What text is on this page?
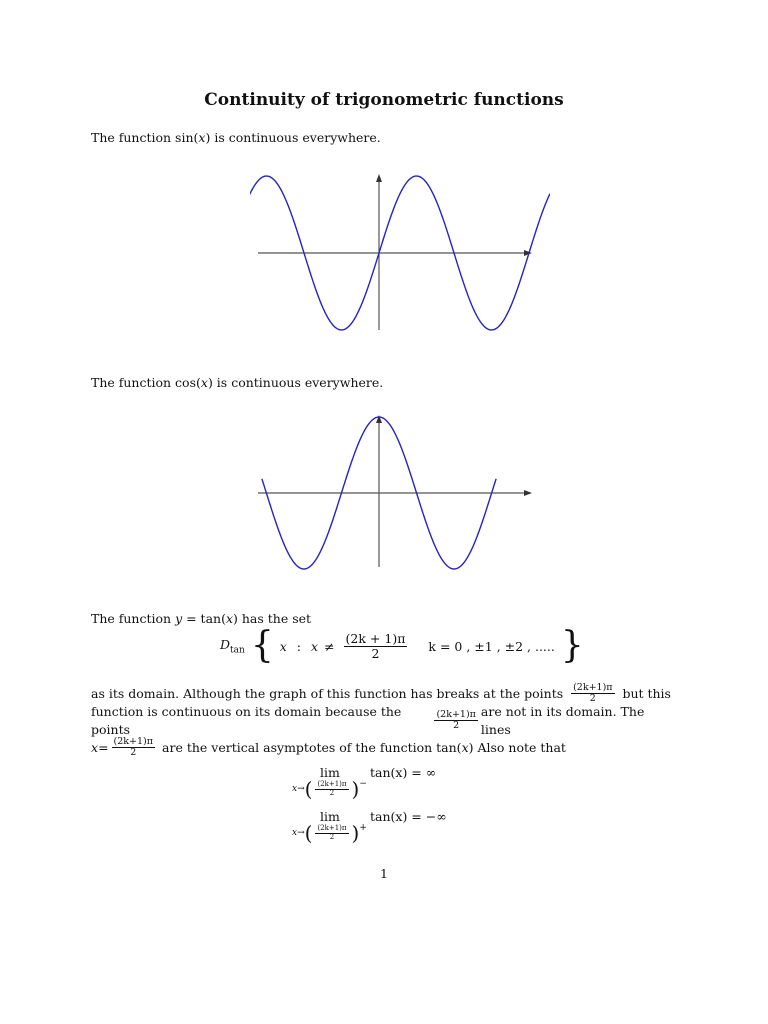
Continuity of trigonometric functions
The function sin(x) is continuous everywhere.
The function cos(x) is continuous everywhere.
The function y = tan(x) has the set
$D_{tan}$ { x : $x \ne \frac{(2k + 1)\pi}{2}$ k = 0 , ±1 , ±2 , ..... }
as its domain. Although the graph of this function has breaks at the points $\frac{(2k+1)\pi}{2}$ but this
function is continuous on its domain because the points	$\frac{(2k+1)\pi}{2}$ are not in its domain. The lines
$x = \frac{(2k+1)\pi}{2}$ are the vertical asymptotes of the function tan( x ) Also note that
lim tan(x) = ∞
x → ( $\frac{(2k+1)\pi}{2}$ ) −
lim tan(x) = −∞
x → ( $\frac{(2k+1)\pi}{2}$ ) +
1
